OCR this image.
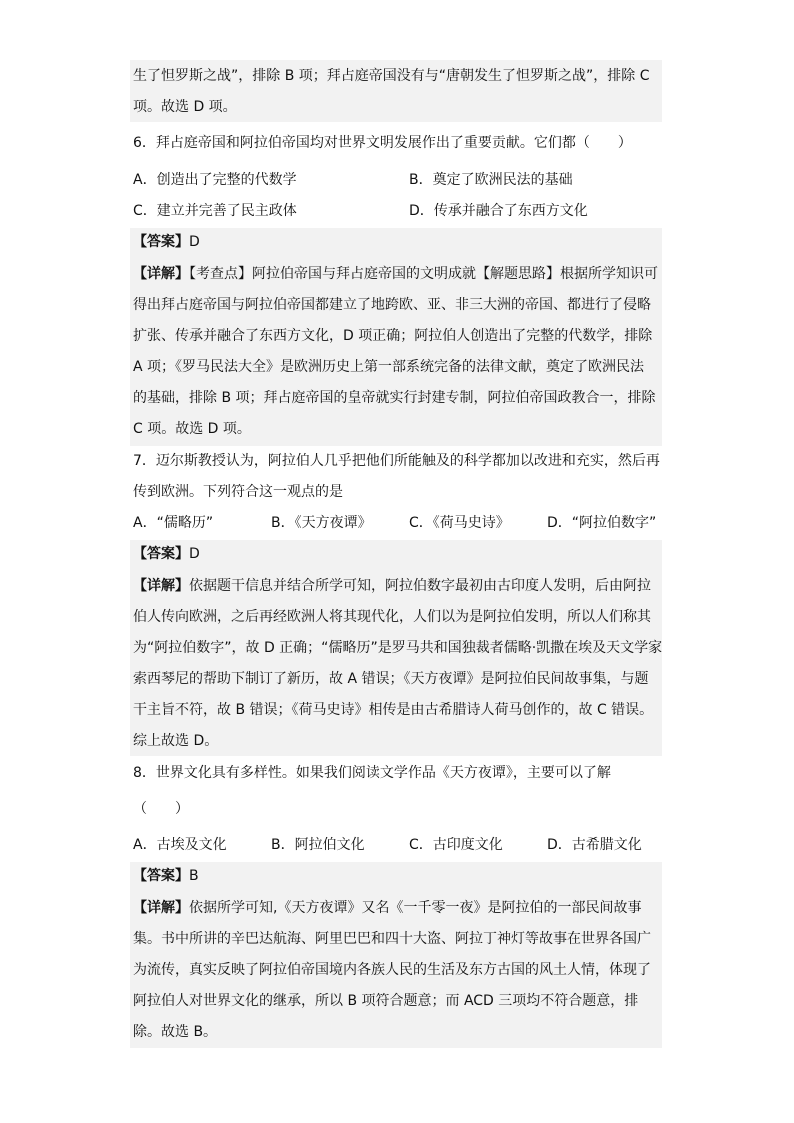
生了怛罗斯之战”，排除 B 项；拜占庭帝国没有与“唐朝发生了怛罗斯之战”，排除 C
项。故选 D 项。
6．拜占庭帝国和阿拉伯帝国均对世界文明发展作出了重要贡献。它们都（　　）
A．创造出了完整的代数学	B．奠定了欧洲民法的基础
C．建立并完善了民主政体	D．传承并融合了东西方文化
【答案】D
【详解】【考查点】阿拉伯帝国与拜占庭帝国的文明成就【解题思路】根据所学知识可
得出拜占庭帝国与阿拉伯帝国都建立了地跨欧、亚、非三大洲的帝国、都进行了侵略
扩张、传承并融合了东西方文化，D 项正确；阿拉伯人创造出了完整的代数学，排除
A 项；《罗马民法大全》是欧洲历史上第一部系统完备的法律文献，奠定了欧洲民法
的基础，排除 B 项；拜占庭帝国的皇帝就实行封建专制，阿拉伯帝国政教合一，排除
C 项。故选 D 项。
7．迈尔斯教授认为，阿拉伯人几乎把他们所能触及的科学都加以改进和充实，然后再
传到欧洲。下列符合这一观点的是
A．“儒略历”	B．《天方夜谭》	C．《荷马史诗》	D．“阿拉伯数字”
【答案】D
【详解】依据题干信息并结合所学可知，阿拉伯数字最初由古印度人发明，后由阿拉
伯人传向欧洲，之后再经欧洲人将其现代化，人们以为是阿拉伯发明，所以人们称其
为“阿拉伯数字”，故 D 正确；“儒略历”是罗马共和国独裁者儒略·凯撒在埃及天文学家
索西琴尼的帮助下制订了新历，故 A 错误；《天方夜谭》是阿拉伯民间故事集，与题
干主旨不符，故 B 错误；《荷马史诗》相传是由古希腊诗人荷马创作的，故 C 错误。
综上故选 D。
8．世界文化具有多样性。如果我们阅读文学作品《天方夜谭》，主要可以了解
（　　）
A．古埃及文化	B．阿拉伯文化	C．古印度文化	D．古希腊文化
【答案】B
【详解】依据所学可知,《天方夜谭》又名《一千零一夜》是阿拉伯的一部民间故事
集。书中所讲的辛巴达航海、阿里巴巴和四十大盗、阿拉丁神灯等故事在世界各国广
为流传，真实反映了阿拉伯帝国境内各族人民的生活及东方古国的风土人情，体现了
阿拉伯人对世界文化的继承，所以 B 项符合题意；而 ACD 三项均不符合题意，排
除。故选 B。
